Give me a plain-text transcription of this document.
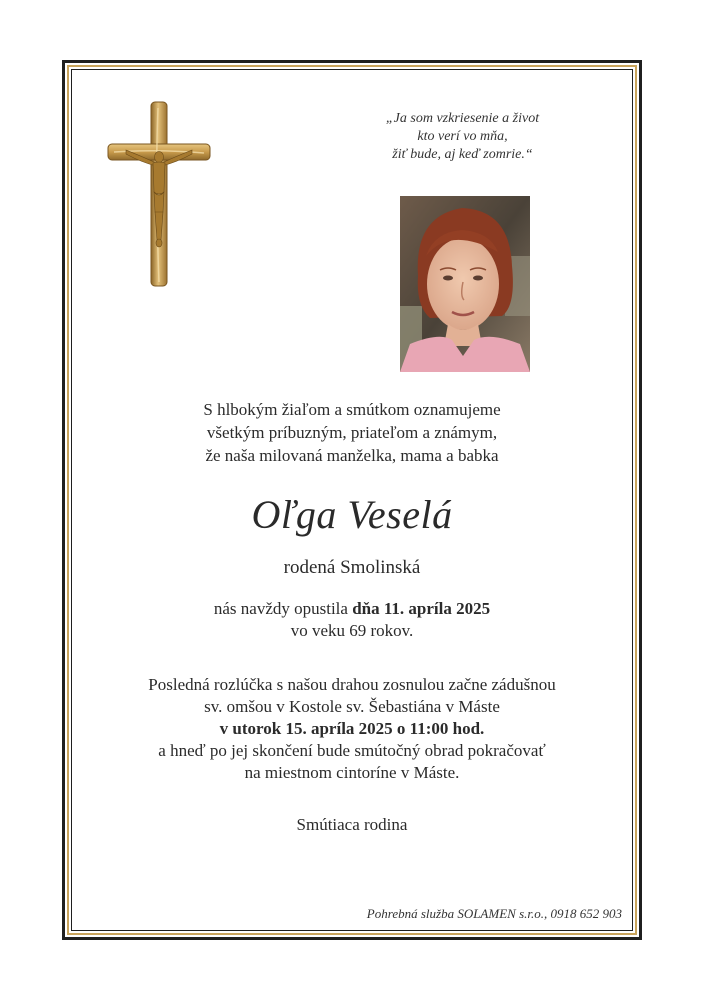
„Ja som vzkriesenie a život
kto verí vo mňa,
žiť bude, aj keď zomrie.“
S hlbokým žiaľom a smútkom oznamujeme
všetkým príbuzným, priateľom a známym,
že naša milovaná manželka, mama a babka
Oľga Veselá
rodená Smolinská
nás navždy opustila dňa 11. apríla 2025
vo veku 69 rokov.
Posledná rozlúčka s našou drahou zosnulou začne zádušnou
sv. omšou v Kostole sv. Šebastiána v Máste
v utorok 15. apríla 2025 o 11:00 hod.
a hneď po jej skončení bude smútočný obrad pokračovať
na miestnom cintoríne v Máste.
Smútiaca rodina
Pohrebná služba SOLAMEN s.r.o., 0918 652 903
